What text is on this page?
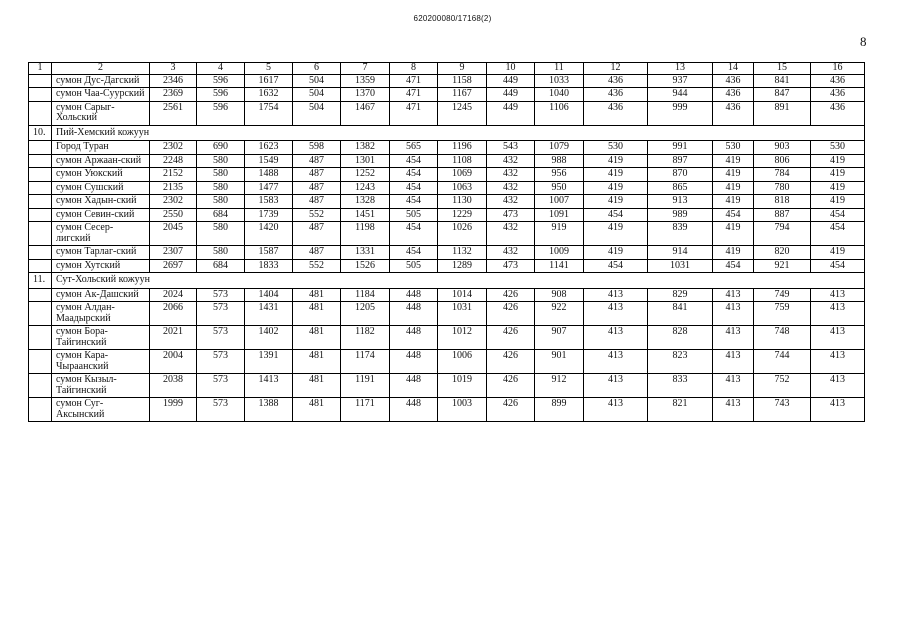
620200080/17168(2)
8
1	2	3	4	5	6	7	8	9	10	11	12	13	14	15	16
	сумон Дус-Дагский	2346	596	1617	504	1359	471	1158	449	1033	436	937	436	841	436
	сумон Чаа-Суурский	2369	596	1632	504	1370	471	1167	449	1040	436	944	436	847	436
	сумон Сарыг-Хольский	2561	596	1754	504	1467	471	1245	449	1106	436	999	436	891	436
10.	Пий-Хемский кожуун														
	Город Туран	2302	690	1623	598	1382	565	1196	543	1079	530	991	530	903	530
	сумон Аржаан-ский	2248	580	1549	487	1301	454	1108	432	988	419	897	419	806	419
	сумон Уюкский	2152	580	1488	487	1252	454	1069	432	956	419	870	419	784	419
	сумон Сушский	2135	580	1477	487	1243	454	1063	432	950	419	865	419	780	419
	сумон Хадын-ский	2302	580	1583	487	1328	454	1130	432	1007	419	913	419	818	419
	сумон Севин-ский	2550	684	1739	552	1451	505	1229	473	1091	454	989	454	887	454
	сумон Сесер-лигский	2045	580	1420	487	1198	454	1026	432	919	419	839	419	794	454
	сумон Тарлаг-ский	2307	580	1587	487	1331	454	1132	432	1009	419	914	419	820	419
	сумон Хутский	2697	684	1833	552	1526	505	1289	473	1141	454	1031	454	921	454
11.	Сут-Хольский кожуун														
	сумон Ак-Дашский	2024	573	1404	481	1184	448	1014	426	908	413	829	413	749	413
	сумон Алдан-Маадырский	2066	573	1431	481	1205	448	1031	426	922	413	841	413	759	413
	сумон Бора-Тайгинский	2021	573	1402	481	1182	448	1012	426	907	413	828	413	748	413
	сумон Кара-Чыраанский	2004	573	1391	481	1174	448	1006	426	901	413	823	413	744	413
	сумон Кызыл-Тайгинский	2038	573	1413	481	1191	448	1019	426	912	413	833	413	752	413
	сумон Суг-Аксынский	1999	573	1388	481	1171	448	1003	426	899	413	821	413	743	413
